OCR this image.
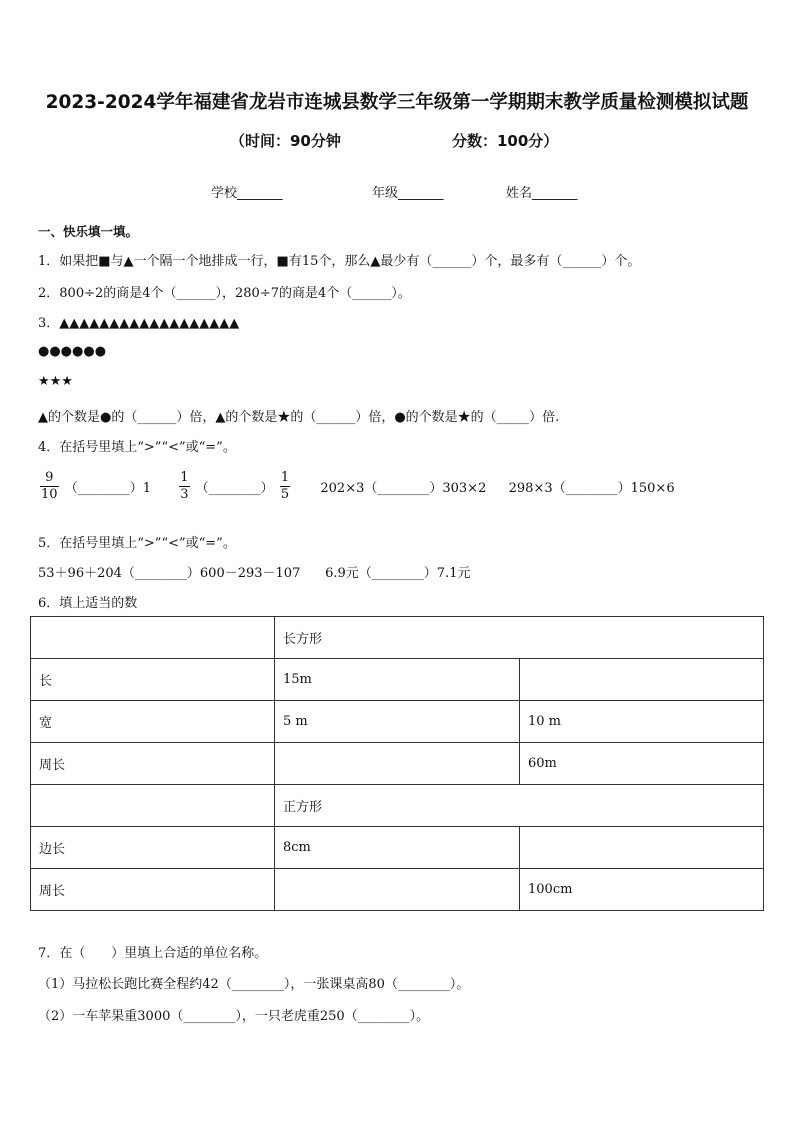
2023-2024学年福建省龙岩市连城县数学三年级第一学期期末教学质量检测模拟试题
（时间：90分钟	分数：100分）
学校_______	年级_______	姓名_______
一、快乐填一填。
1．如果把■与▲一个隔一个地排成一行，■有15个，那么▲最少有（______）个，最多有（______）个。
2．800÷2的商是4个（______），280÷7的商是4个（______）。
3．▲▲▲▲▲▲▲▲▲▲▲▲▲▲▲▲▲▲
●●●●●●
★★★
▲的个数是●的（______）倍，▲的个数是★的（______）倍，●的个数是★的（_____）倍.
4．在括号里填上“>”“<”或“=”。
$\frac{9}{10}$ （________）1 $\frac{1}{3}$ （________） $\frac{1}{5}$ 202×3（________）303×2 298×3（________）150×6
5．在括号里填上“>”“<”或“=”。
53＋96＋204（________）600－293－107      6.9元（________）7.1元
6．填上适当的数
	长方形	
长	15m	
宽	5 m	10 m
周长		60m
	正方形	
边长	8cm	
周长		100cm
7．在（　　）里填上合适的单位名称。
（1）马拉松长跑比赛全程约42（________），一张课桌高80（________）。
（2）一车苹果重3000（________），一只老虎重250（________）。
